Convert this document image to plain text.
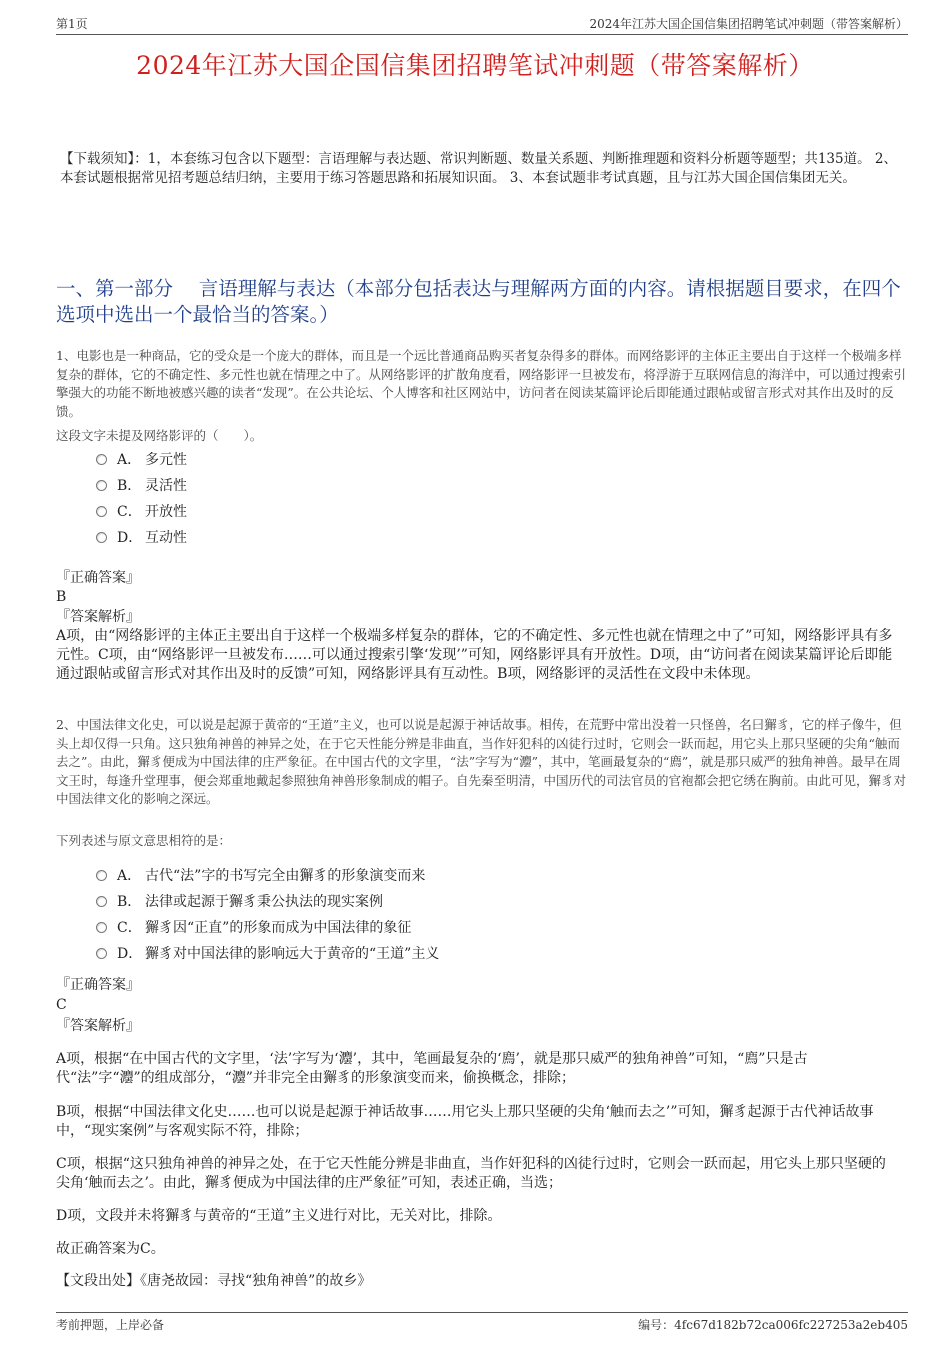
第1页	2024年江苏大国企国信集团招聘笔试冲刺题（带答案解析）
2024年江苏大国企国信集团招聘笔试冲刺题（带答案解析）
【下载须知】：1，本套练习包含以下题型：言语理解与表达题、常识判断题、数量关系题、判断推理题和资料分析题等题型；共135道。 2、本套试题根据常见招考题总结归纳，主要用于练习答题思路和拓展知识面。 3、本套试题非考试真题，且与江苏大国企国信集团无关。
一、第一部分　 言语理解与表达（本部分包括表达与理解两方面的内容。请根据题目要求，在四个选项中选出一个最恰当的答案。）
1、电影也是一种商品，它的受众是一个庞大的群体，而且是一个远比普通商品购买者复杂得多的群体。而网络影评的主体正主要出自于这样一个极端多样复杂的群体，它的不确定性、多元性也就在情理之中了。从网络影评的扩散角度看，网络影评一旦被发布，将浮游于互联网信息的海洋中，可以通过搜索引擎强大的功能不断地被感兴趣的读者“发现”。在公共论坛、个人博客和社区网站中，访问者在阅读某篇评论后即能通过跟帖或留言形式对其作出及时的反馈。
这段文字未提及网络影评的（　　）。
A． 多元性
B． 灵活性
C． 开放性
D． 互动性
『正确答案』
B
『答案解析』
A项，由“网络影评的主体正主要出自于这样一个极端多样复杂的群体，它的不确定性、多元性也就在情理之中了”可知，网络影评具有多元性。C项，由“网络影评一旦被发布……可以通过搜索引擎‘发现’”可知，网络影评具有开放性。D项，由“访问者在阅读某篇评论后即能通过跟帖或留言形式对其作出及时的反馈”可知，网络影评具有互动性。B项，网络影评的灵活性在文段中未体现。
2、中国法律文化史，可以说是起源于黄帝的“王道”主义，也可以说是起源于神话故事。相传，在荒野中常出没着一只怪兽，名曰獬豸，它的样子像牛，但头上却仅得一只角。这只独角神兽的神异之处，在于它天性能分辨是非曲直，当作奸犯科的凶徒行过时，它则会一跃而起，用它头上那只坚硬的尖角“触而去之”。由此，獬豸便成为中国法律的庄严象征。在中国古代的文字里，“法”字写为“灋”，其中，笔画最复杂的“廌”，就是那只威严的独角神兽。最早在周文王时，每逢升堂理事，便会郑重地戴起参照独角神兽形象制成的帽子。自先秦至明清，中国历代的司法官员的官袍都会把它绣在胸前。由此可见，獬豸对中国法律文化的影响之深远。
下列表述与原文意思相符的是：
A． 古代“法”字的书写完全由獬豸的形象演变而来
B． 法律或起源于獬豸秉公执法的现实案例
C． 獬豸因“正直”的形象而成为中国法律的象征
D． 獬豸对中国法律的影响远大于黄帝的“王道”主义
『正确答案』
C
『答案解析』
A项，根据“在中国古代的文字里，‘法’字写为‘灋’，其中，笔画最复杂的‘廌’，就是那只威严的独角神兽”可知，“廌”只是古代“法”字“灋”的组成部分，“灋”并非完全由獬豸的形象演变而来，偷换概念，排除；
B项，根据“中国法律文化史……也可以说是起源于神话故事……用它头上那只坚硬的尖角‘触而去之’”可知，獬豸起源于古代神话故事中，“现实案例”与客观实际不符，排除；
C项，根据“这只独角神兽的神异之处，在于它天性能分辨是非曲直，当作奸犯科的凶徒行过时，它则会一跃而起，用它头上那只坚硬的尖角‘触而去之’。由此，獬豸便成为中国法律的庄严象征”可知，表述正确，当选；
D项，文段并未将獬豸与黄帝的“王道”主义进行对比，无关对比，排除。
故正确答案为C。
【文段出处】《唐尧故园：寻找“独角神兽”的故乡》
考前押题，上岸必备	编号：4fc67d182b72ca006fc227253a2eb405
